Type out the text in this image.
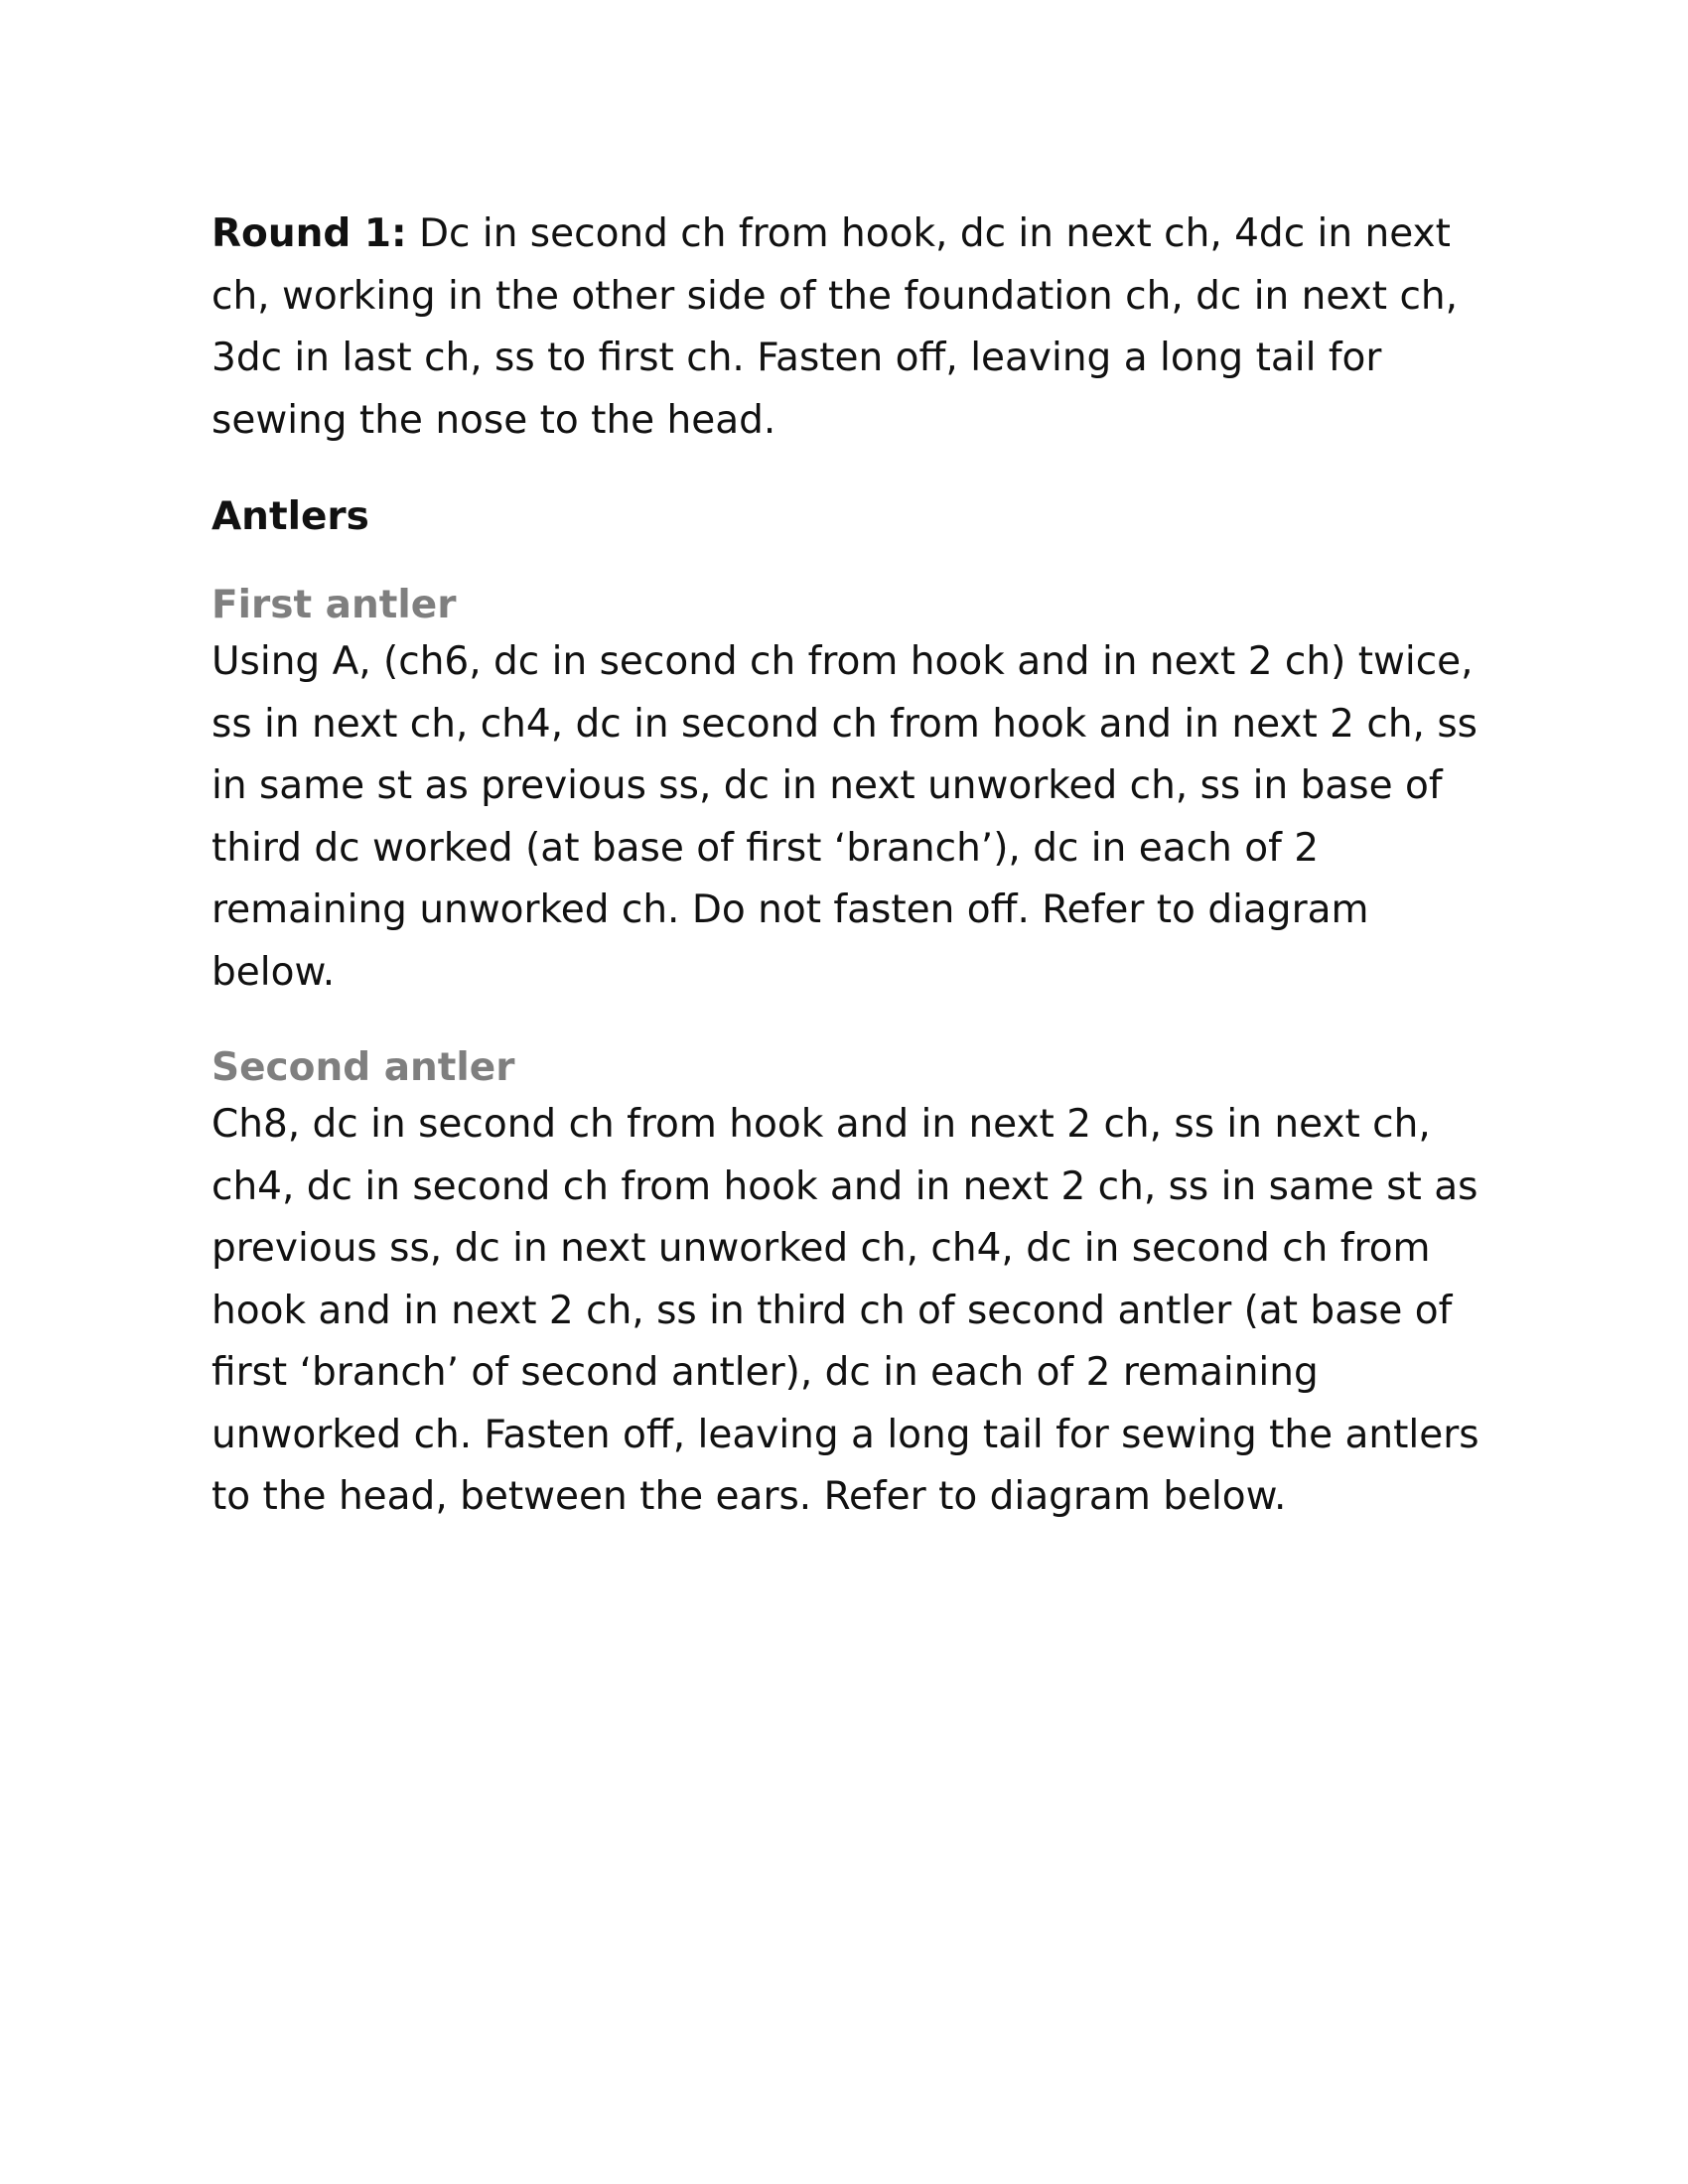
Round 1: Dc in second ch from hook, dc in next ch, 4dc in next ch, working in the other side of the foundation ch, dc in next ch, 3dc in last ch, ss to first ch. Fasten off, leaving a long tail for sewing the nose to the head.

Antlers
First antler

Using A, (ch6, dc in second ch from hook and in next 2 ch) twice, ss in next ch, ch4, dc in second ch from hook and in next 2 ch, ss in same st as previous ss, dc in next unworked ch, ss in base of third dc worked (at base of first ‘branch’), dc in each of 2 remaining unworked ch. Do not fasten off. Refer to diagram below.

Second antler

Ch8, dc in second ch from hook and in next 2 ch, ss in next ch, ch4, dc in second ch from hook and in next 2 ch, ss in same st as previous ss, dc in next unworked ch, ch4, dc in second ch from hook and in next 2 ch, ss in third ch of second antler (at base of first ‘branch’ of second antler), dc in each of 2 remaining unworked ch. Fasten off, leaving a long tail for sewing the antlers to the head, between the ears. Refer to diagram below.
